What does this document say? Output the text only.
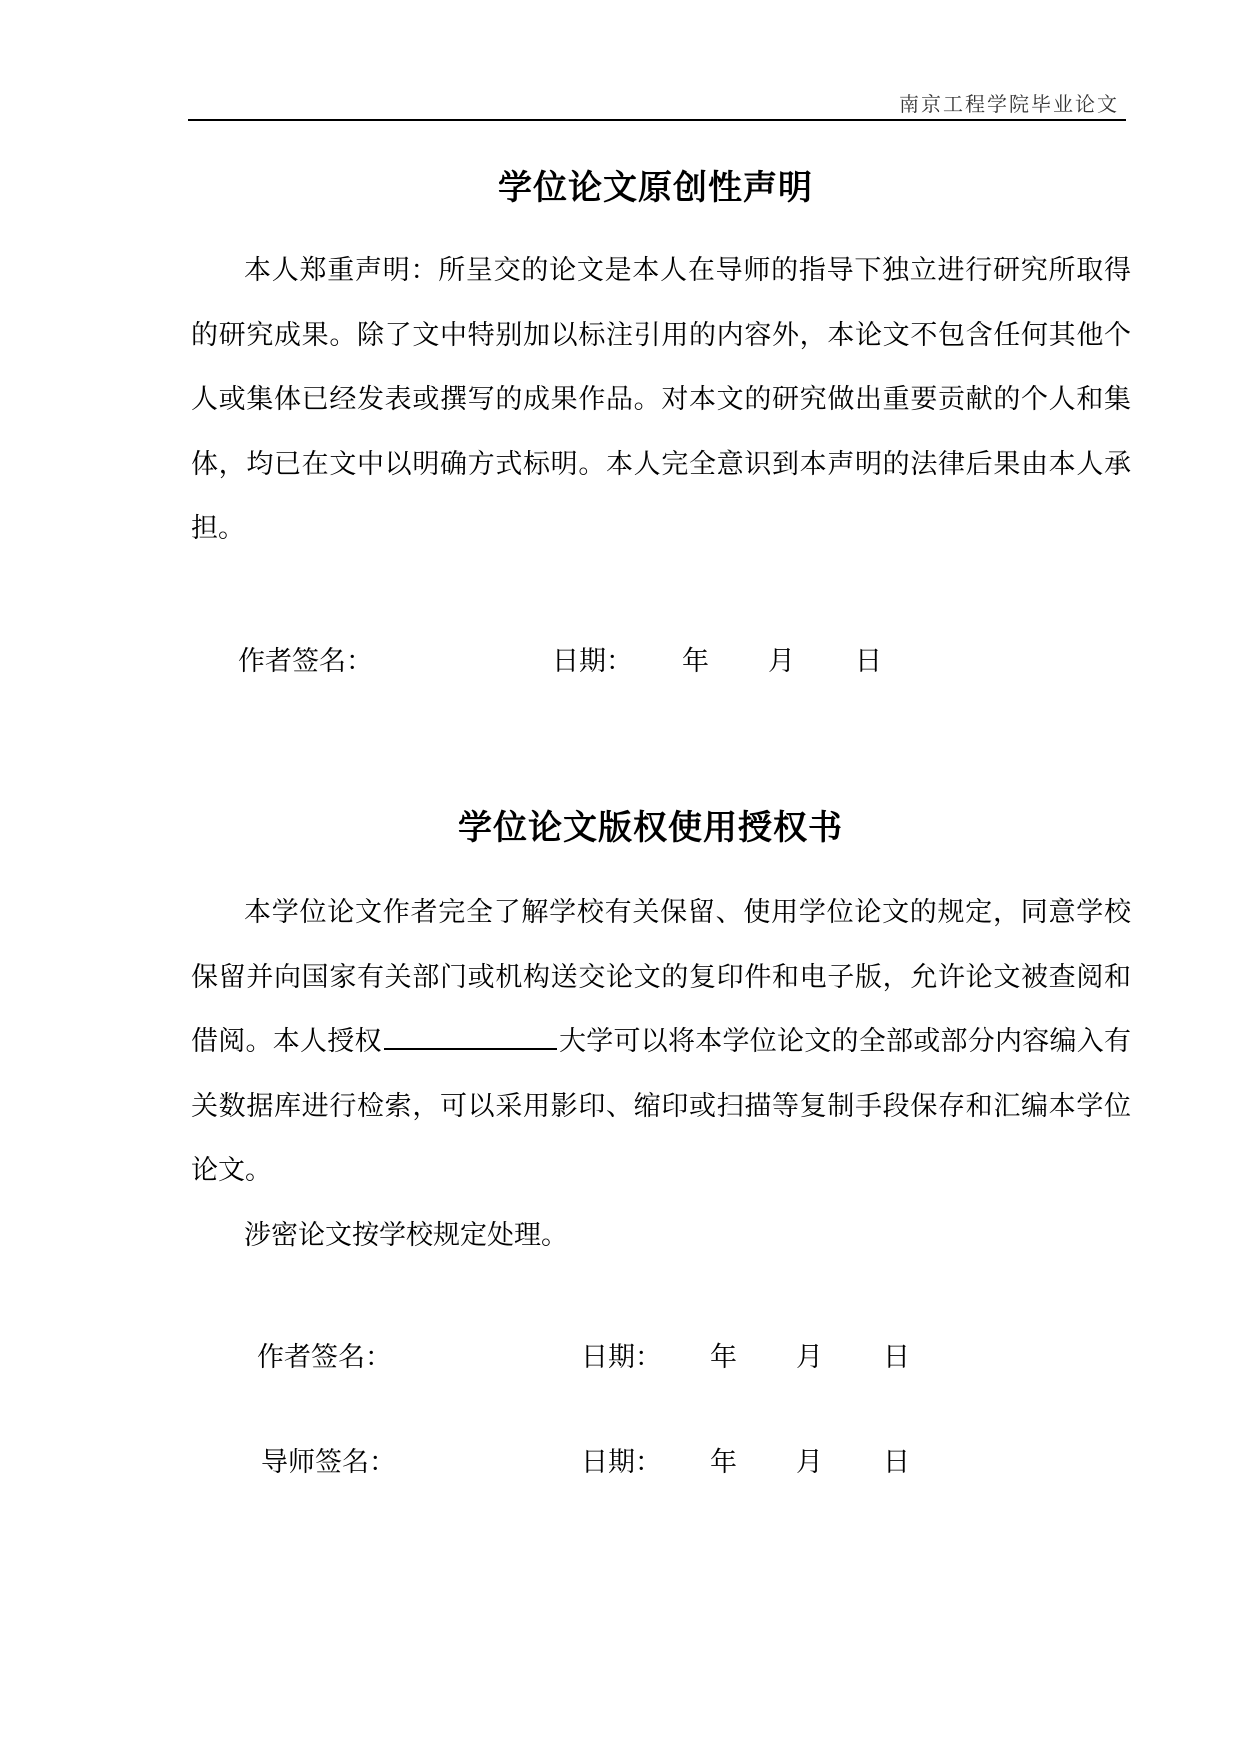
南京工程学院毕业论文
学位论文原创性声明
本人郑重声明：所呈交的论文是本人在导师的指导下独立进行研究所取得的研究成果。除了文中特别加以标注引用的内容外，本论文不包含任何其他个人或集体已经发表或撰写的成果作品。对本文的研究做出重要贡献的个人和集体，均已在文中以明确方式标明。本人完全意识到本声明的法律后果由本人承担。
作者签名：	日期： 年 月 日
学位论文版权使用授权书
本学位论文作者完全了解学校有关保留、使用学位论文的规定，同意学校保留并向国家有关部门或机构送交论文的复印件和电子版，允许论文被查阅和借阅。本人授权	大学可以将本学位论文的全部或部分内容编入有关数据库进行检索，可以采用影印、缩印或扫描等复制手段保存和汇编本学位论文。
涉密论文按学校规定处理。
作者签名：	日期： 年 月 日
导师签名：	日期： 年 月 日
